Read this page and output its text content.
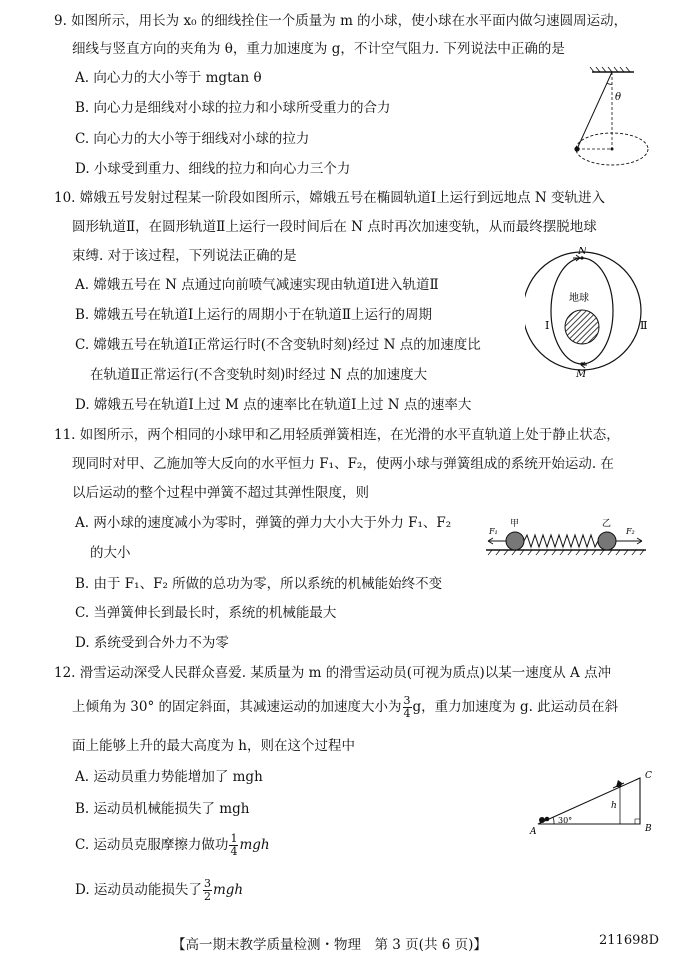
9. 如图所示，用长为 x₀ 的细线拴住一个质量为 m 的小球，使小球在水平面内做匀速圆周运动，
细线与竖直方向的夹角为 θ，重力加速度为 g，不计空气阻力. 下列说法中正确的是
A. 向心力的大小等于 mgtan θ
B. 向心力是细线对小球的拉力和小球所受重力的合力
C. 向心力的大小等于细线对小球的拉力
D. 小球受到重力、细线的拉力和向心力三个力
θ
10. 嫦娥五号发射过程某一阶段如图所示，嫦娥五号在椭圆轨道Ⅰ上运行到远地点 N 变轨进入
圆形轨道Ⅱ，在圆形轨道Ⅱ上运行一段时间后在 N 点时再次加速变轨，从而最终摆脱地球
束缚. 对于该过程，下列说法正确的是
A. 嫦娥五号在 N 点通过向前喷气减速实现由轨道Ⅰ进入轨道Ⅱ
B. 嫦娥五号在轨道Ⅰ上运行的周期小于在轨道Ⅱ上运行的周期
C. 嫦娥五号在轨道Ⅰ正常运行时(不含变轨时刻)经过 N 点的加速度比
在轨道Ⅱ正常运行(不含变轨时刻)时经过 N 点的加速度大
D. 嫦娥五号在轨道Ⅰ上过 M 点的速率比在轨道Ⅰ上过 N 点的速率大
N
M
地球
Ⅰ	Ⅱ
11. 如图所示，两个相同的小球甲和乙用轻质弹簧相连，在光滑的水平直轨道上处于静止状态，
现同时对甲、乙施加等大反向的水平恒力 F₁、F₂，使两小球与弹簧组成的系统开始运动. 在
以后运动的整个过程中弹簧不超过其弹性限度，则
A. 两小球的速度减小为零时，弹簧的弹力大小大于外力 F₁、F₂
的大小
B. 由于 F₁、F₂ 所做的总功为零，所以系统的机械能始终不变
C. 当弹簧伸长到最长时，系统的机械能最大
D. 系统受到合外力不为零
F₁
甲	乙
F₂
12. 滑雪运动深受人民群众喜爱. 某质量为 m 的滑雪运动员(可视为质点)以某一速度从 A 点冲
上倾角为 30° 的固定斜面，其减速运动的加速度大小为 $\frac{3}{4}$ g，重力加速度为 g. 此运动员在斜
面上能够上升的最大高度为 h，则在这个过程中
A. 运动员重力势能增加了 mgh
B. 运动员机械能损失了 mgh
C. 运动员克服摩擦力做功 $\frac{1}{4}$ mgh
D. 运动员动能损失了 $\frac{3}{2}$ mgh
A	B
C
h
30°
【高一期末教学质量检测・物理　第 3 页(共 6 页)】	211698D
